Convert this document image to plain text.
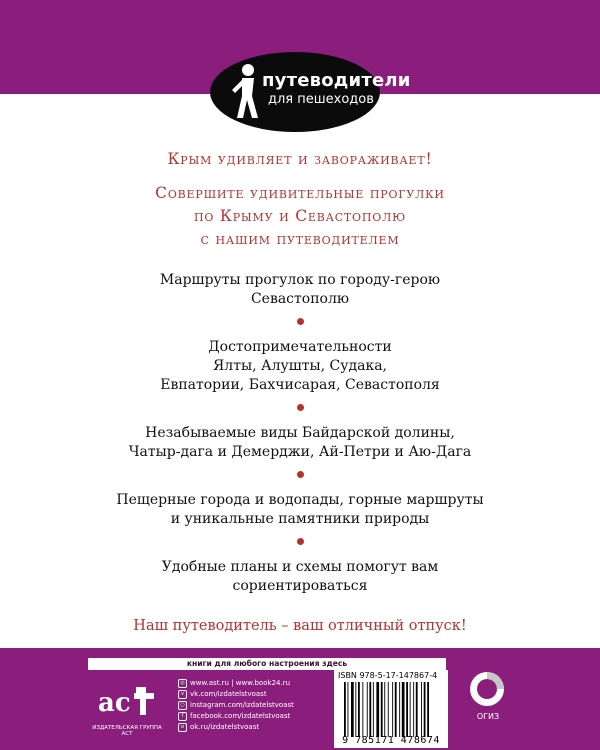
путеводители
для пешеходов
Крым удивляет и завораживает!
Совершите удивительные прогулки
по Крыму и Севастополю
с нашим путеводителем
Маршруты прогулок по городу-герою
Севастополю
Достопримечательности
Ялты, Алушты, Судака,
Евпатории, Бахчисарая, Севастополя
Незабываемые виды Байдарской долины,
Чатыр-дага и Демерджи, Ай-Петри и Аю-Дага
Пещерные города и водопады, горные маршруты
и уникальные памятники природы
Удобные планы и схемы помогут вам
сориентироваться
Наш путеводитель – ваш отличный отпуск!
книги для любого настроения здесь
ac
ИЗДАТЕЛЬСКАЯ ГРУППА АСТ
◎ www.ast.ru | www.book24.ru
v vk.com/izdatelstvoast
○ instagram.com/izdatelstvoast
f facebook.com/izdatelstvoast
o ok.ru/izdatelstvoast
ISBN 978-5-17-147867-4
9 785171 478674
ОГИЗ
